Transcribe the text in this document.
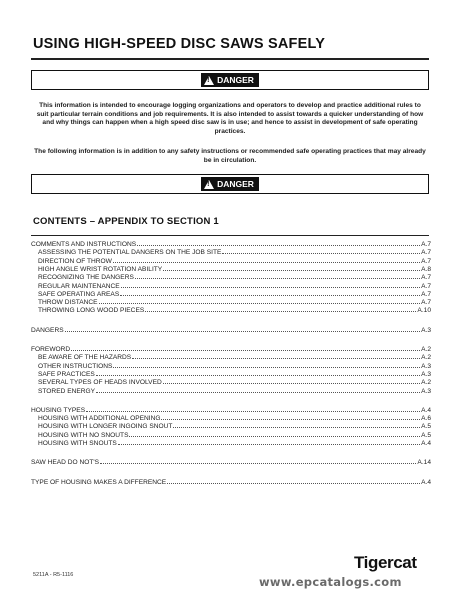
USING HIGH-SPEED DISC SAWS SAFELY
! DANGER
This information is intended to encourage logging organizations and operators to develop and practice additional rules to suit particular terrain conditions and job requirements. It is also intended to assist towards a quicker understanding of how and why things can happen when a high speed disc saw is in use; and hence to assist in development of safe operating practices.
The following information is in addition to any safety instructions or recommended safe operating practices that may already be in circulation.
! DANGER
CONTENTS – APPENDIX TO SECTION 1
COMMENTS AND INSTRUCTIONS	A.7
ASSESSING THE POTENTIAL DANGERS ON THE JOB SITE	A.7
DIRECTION OF THROW	A.7
HIGH ANGLE WRIST ROTATION ABILITY	A.8
RECOGNIZING THE DANGERS	A.7
REGULAR MAINTENANCE	A.7
SAFE OPERATING AREAS	A.7
THROW DISTANCE	A.7
THROWING LONG WOOD PIECES	A.10
DANGERS	A.3
FOREWORD	A.2
BE AWARE OF THE HAZARDS	A.2
OTHER INSTRUCTIONS	A.3
SAFE PRACTICES	A.3
SEVERAL TYPES OF HEADS INVOLVED	A.2
STORED ENERGY	A.3
HOUSING TYPES	A.4
HOUSING WITH ADDITIONAL OPENING	A.6
HOUSING WITH LONGER INGOING SNOUT	A.5
HOUSING WITH NO SNOUTS	A.5
HOUSING WITH SNOUTS	A.4
SAW HEAD DO NOT'S	A.14
TYPE OF HOUSING MAKES A DIFFERENCE	A.4
5211A - R5-1116
Tigercat
www.epcatalogs.com
